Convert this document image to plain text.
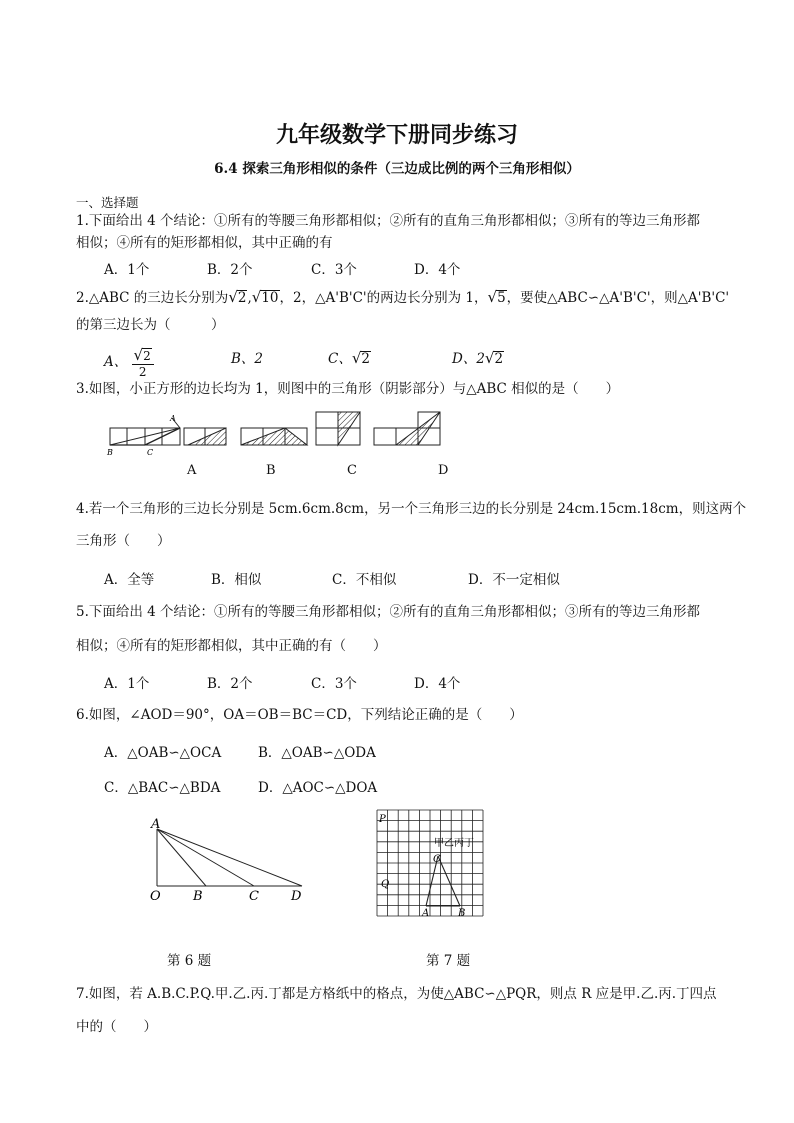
九年级数学下册同步练习
6.4 探索三角形相似的条件（三边成比例的两个三角形相似）
一、选择题
1.下面给出 4 个结论：①所有的等腰三角形都相似；②所有的直角三角形都相似；③所有的等边三角形都
相似；④所有的矩形都相似，其中正确的有
A．1个	B．2个	C．3个	D．4个
2.△ABC 的三边长分别为√2,√10，2，△A'B'C'的两边长分别为 1，√5，要使△ABC∽△A'B'C'，则△A'B'C'
的第三边长为（　　　）
A、 $\frac{√2}{2}$	B、2	C、√2	D、2√2
3.如图，小正方形的边长均为 1，则图中的三角形（阴影部分）与△ABC 相似的是（　　）
B	C
A
A	B	C	D
4.若一个三角形的三边长分别是 5cm.6cm.8cm，另一个三角形三边的长分别是 24cm.15cm.18cm，则这两个
三角形（　　）
A．全等	B．相似	C．不相似	D．不一定相似
5.下面给出 4 个结论：①所有的等腰三角形都相似；②所有的直角三角形都相似；③所有的等边三角形都
相似；④所有的矩形都相似，其中正确的有（　　）
A．1个	B．2个	C．3个	D．4个
6.如图，∠AOD＝90°，OA＝OB＝BC＝CD，下列结论正确的是（　　）
A．△OAB∽△OCA	B．△OAB∽△ODA
C．△BAC∽△BDA	D．△AOC∽△DOA
A
O B	C D
P
Q
C
A	B
甲乙丙丁
第 6 题	第 7 题
7.如图，若 A.B.C.P.Q.甲.乙.丙.丁都是方格纸中的格点，为使△ABC∽△PQR，则点 R 应是甲.乙.丙.丁四点
中的（　　）
